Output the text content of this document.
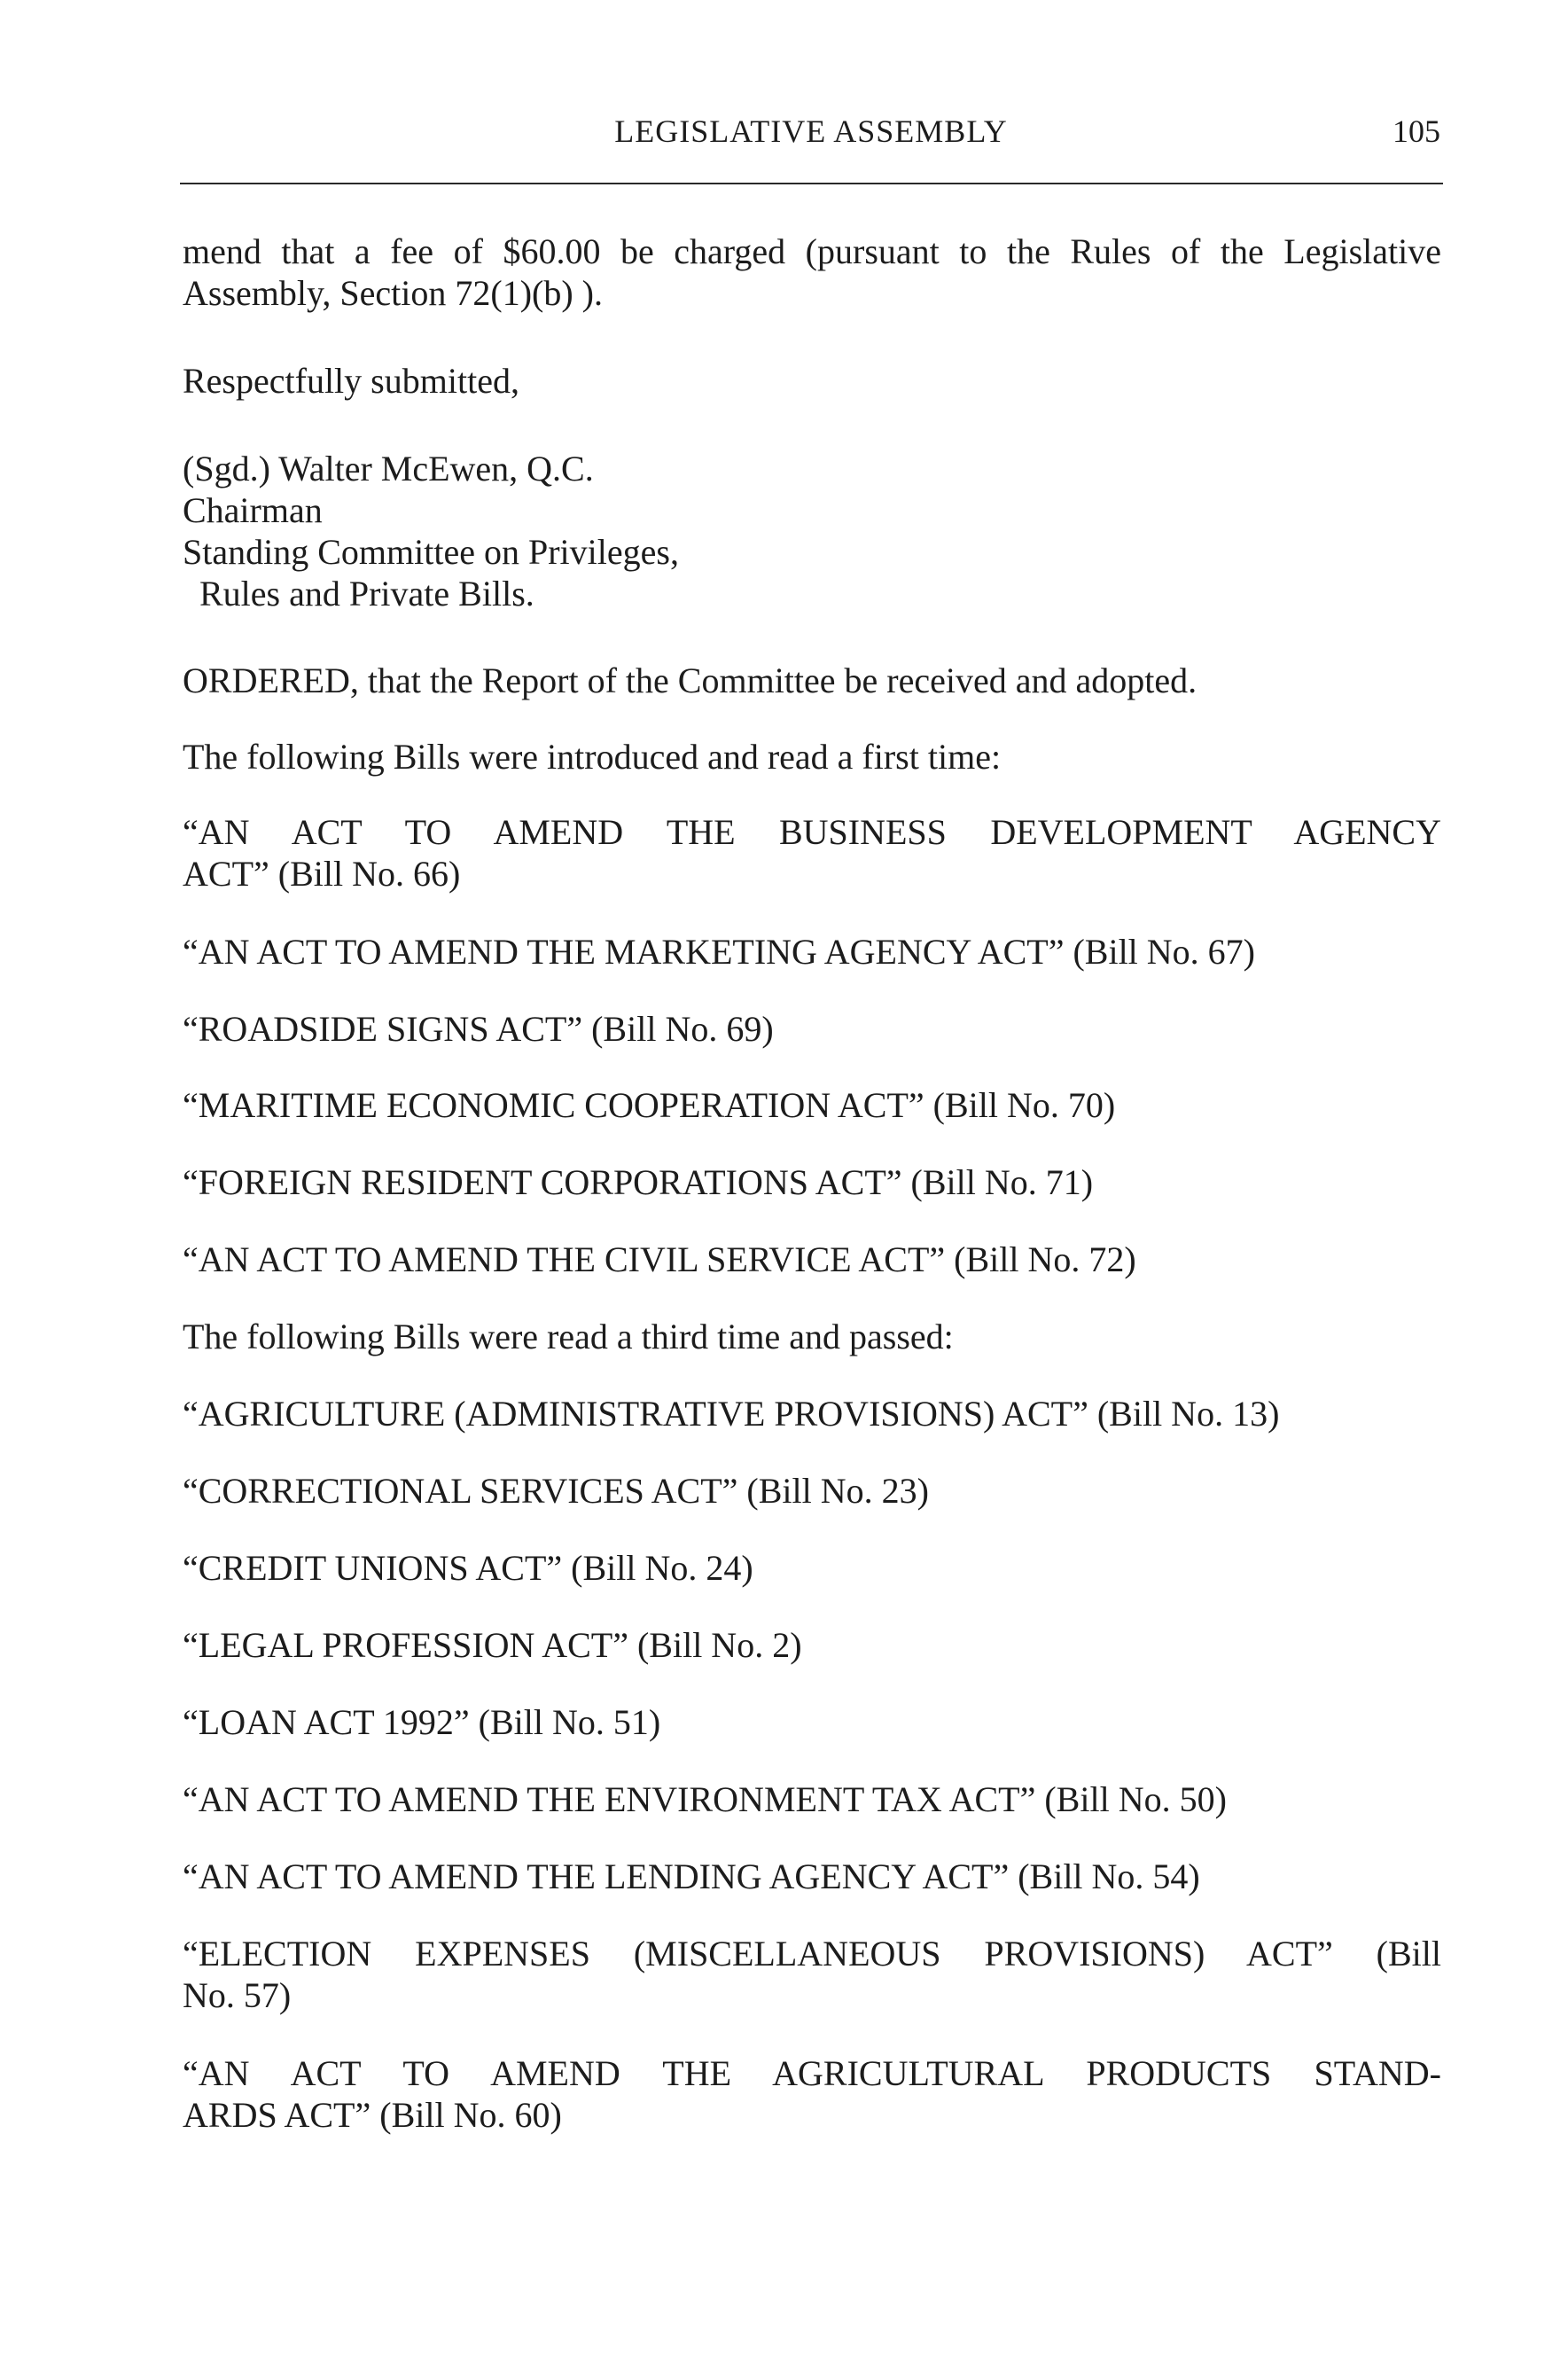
LEGISLATIVE ASSEMBLY	105
mend that a fee of $60.00 be charged (pursuant to the Rules of the Legislative
Assembly, Section 72(1)(b) ).
Respectfully submitted,
(Sgd.) Walter McEwen, Q.C.
Chairman
Standing Committee on Privileges,
Rules and Private Bills.
ORDERED, that the Report of the Committee be received and adopted.
The following Bills were introduced and read a first time:
“AN ACT TO AMEND THE BUSINESS DEVELOPMENT AGENCY
ACT” (Bill No. 66)
“AN ACT TO AMEND THE MARKETING AGENCY ACT” (Bill No. 67)
“ROADSIDE SIGNS ACT” (Bill No. 69)
“MARITIME ECONOMIC COOPERATION ACT” (Bill No. 70)
“FOREIGN RESIDENT CORPORATIONS ACT” (Bill No. 71)
“AN ACT TO AMEND THE CIVIL SERVICE ACT” (Bill No. 72)
The following Bills were read a third time and passed:
“AGRICULTURE (ADMINISTRATIVE PROVISIONS) ACT” (Bill No. 13)
“CORRECTIONAL SERVICES ACT” (Bill No. 23)
“CREDIT UNIONS ACT” (Bill No. 24)
“LEGAL PROFESSION ACT” (Bill No. 2)
“LOAN ACT 1992” (Bill No. 51)
“AN ACT TO AMEND THE ENVIRONMENT TAX ACT” (Bill No. 50)
“AN ACT TO AMEND THE LENDING AGENCY ACT” (Bill No. 54)
“ELECTION EXPENSES (MISCELLANEOUS PROVISIONS) ACT” (Bill
No. 57)
“AN ACT TO AMEND THE AGRICULTURAL PRODUCTS STAND-
ARDS ACT” (Bill No. 60)
